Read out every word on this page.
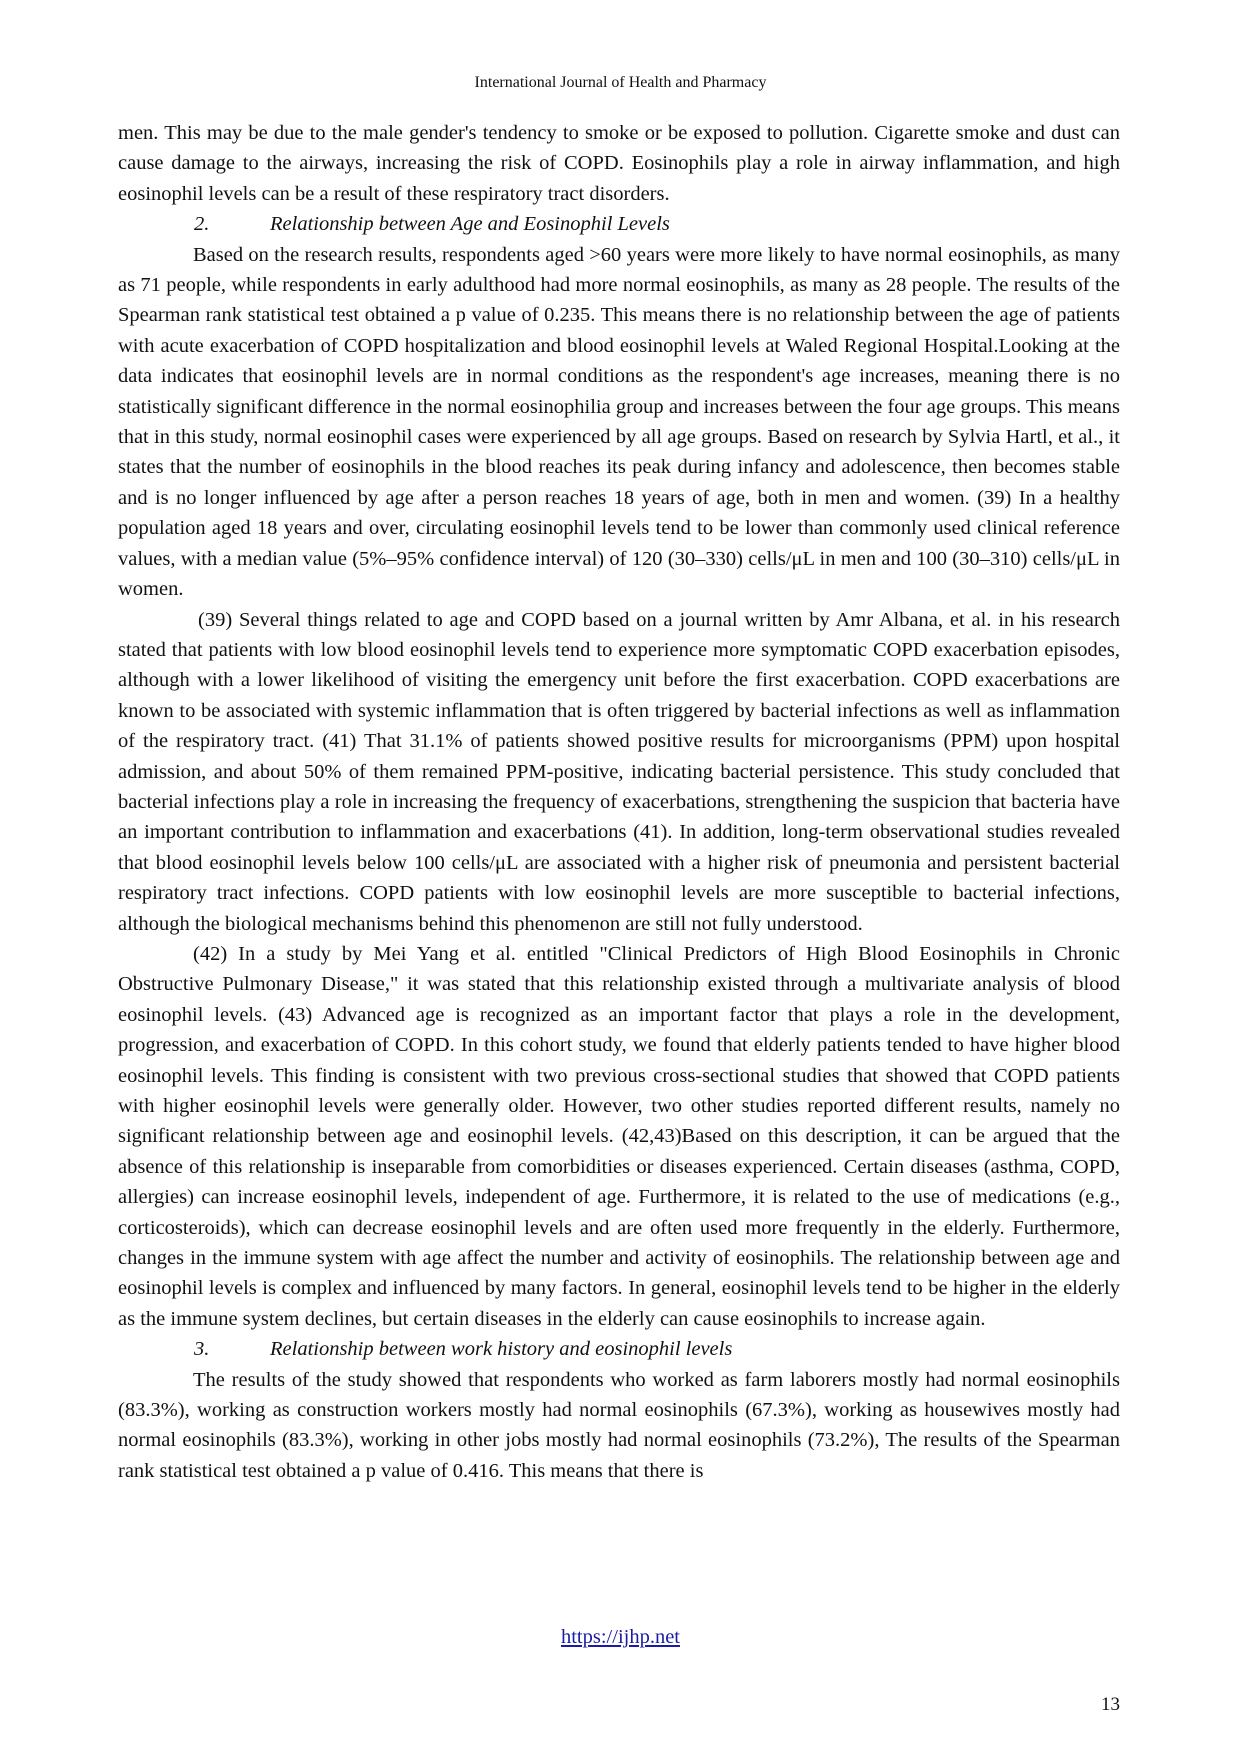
International Journal of Health and Pharmacy

men. This may be due to the male gender's tendency to smoke or be exposed to pollution. Cigarette smoke and dust can cause damage to the airways, increasing the risk of COPD. Eosinophils play a role in airway inflammation, and high eosinophil levels can be a result of these respiratory tract disorders.

2.	Relationship between Age and Eosinophil Levels

Based on the research results, respondents aged >60 years were more likely to have normal eosinophils, as many as 71 people, while respondents in early adulthood had more normal eosinophils, as many as 28 people. The results of the Spearman rank statistical test obtained a p value of 0.235. This means there is no relationship between the age of patients with acute exacerbation of COPD hospitalization and blood eosinophil levels at Waled Regional Hospital.Looking at the data indicates that eosinophil levels are in normal conditions as the respondent's age increases, meaning there is no statistically significant difference in the normal eosinophilia group and increases between the four age groups. This means that in this study, normal eosinophil cases were experienced by all age groups. Based on research by Sylvia Hartl, et al., it states that the number of eosinophils in the blood reaches its peak during infancy and adolescence, then becomes stable and is no longer influenced by age after a person reaches 18 years of age, both in men and women. (39) In a healthy population aged 18 years and over, circulating eosinophil levels tend to be lower than commonly used clinical reference values, with a median value (5%–95% confidence interval) of 120 (30–330) cells/μL in men and 100 (30–310) cells/μL in women.

(39) Several things related to age and COPD based on a journal written by Amr Albana, et al. in his research stated that patients with low blood eosinophil levels tend to experience more symptomatic COPD exacerbation episodes, although with a lower likelihood of visiting the emergency unit before the first exacerbation. COPD exacerbations are known to be associated with systemic inflammation that is often triggered by bacterial infections as well as inflammation of the respiratory tract. (41) That 31.1% of patients showed positive results for microorganisms (PPM) upon hospital admission, and about 50% of them remained PPM-positive, indicating bacterial persistence. This study concluded that bacterial infections play a role in increasing the frequency of exacerbations, strengthening the suspicion that bacteria have an important contribution to inflammation and exacerbations (41). In addition, long-term observational studies revealed that blood eosinophil levels below 100 cells/μL are associated with a higher risk of pneumonia and persistent bacterial respiratory tract infections. COPD patients with low eosinophil levels are more susceptible to bacterial infections, although the biological mechanisms behind this phenomenon are still not fully understood.

(42) In a study by Mei Yang et al. entitled "Clinical Predictors of High Blood Eosinophils in Chronic Obstructive Pulmonary Disease," it was stated that this relationship existed through a multivariate analysis of blood eosinophil levels. (43) Advanced age is recognized as an important factor that plays a role in the development, progression, and exacerbation of COPD. In this cohort study, we found that elderly patients tended to have higher blood eosinophil levels. This finding is consistent with two previous cross-sectional studies that showed that COPD patients with higher eosinophil levels were generally older. However, two other studies reported different results, namely no significant relationship between age and eosinophil levels. (42,43)Based on this description, it can be argued that the absence of this relationship is inseparable from comorbidities or diseases experienced. Certain diseases (asthma, COPD, allergies) can increase eosinophil levels, independent of age. Furthermore, it is related to the use of medications (e.g., corticosteroids), which can decrease eosinophil levels and are often used more frequently in the elderly. Furthermore, changes in the immune system with age affect the number and activity of eosinophils. The relationship between age and eosinophil levels is complex and influenced by many factors. In general, eosinophil levels tend to be higher in the elderly as the immune system declines, but certain diseases in the elderly can cause eosinophils to increase again.

3.	Relationship between work history and eosinophil levels

The results of the study showed that respondents who worked as farm laborers mostly had normal eosinophils (83.3%), working as construction workers mostly had normal eosinophils (67.3%), working as housewives mostly had normal eosinophils (83.3%), working in other jobs mostly had normal eosinophils (73.2%), The results of the Spearman rank statistical test obtained a p value of 0.416. This means that there is

https://ijhp.net
13
